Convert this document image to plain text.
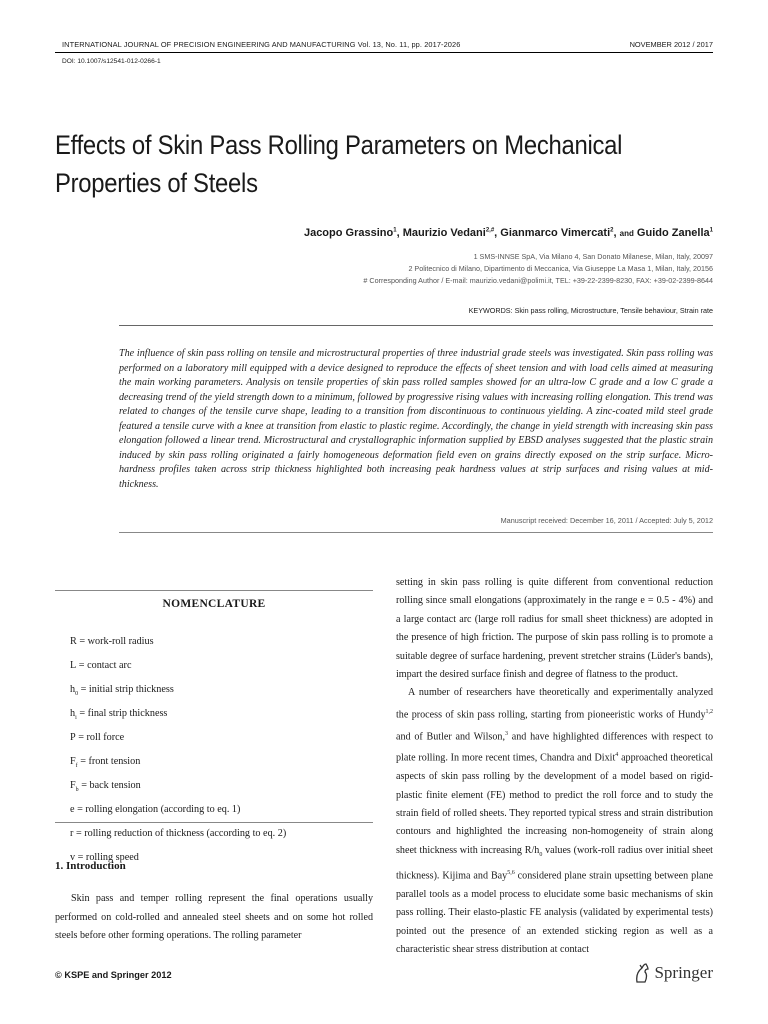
INTERNATIONAL JOURNAL OF PRECISION ENGINEERING AND MANUFACTURING Vol. 13, No. 11, pp. 2017-2026	NOVEMBER 2012 / 2017
DOI: 10.1007/s12541-012-0266-1
Effects of Skin Pass Rolling Parameters on Mechanical
Properties of Steels
Jacopo Grassino$^1$, Maurizio Vedani$^{2,\#}$, Gianmarco Vimercati$^2$, and Guido Zanella$^1$
1 SMS-INNSE SpA, Via Milano 4, San Donato Milanese, Milan, Italy, 20097
2 Politecnico di Milano, Dipartimento di Meccanica, Via Giuseppe La Masa 1, Milan, Italy, 20156
# Corresponding Author / E-mail: maurizio.vedani@polimi.it, TEL: +39-22-2399-8230, FAX: +39-02-2399-8644
KEYWORDS: Skin pass rolling, Microstructure, Tensile behaviour, Strain rate
The influence of skin pass rolling on tensile and microstructural properties of three industrial grade steels was investigated. Skin pass rolling was performed on a laboratory mill equipped with a device designed to reproduce the effects of sheet tension and with load cells aimed at measuring the main working parameters. Analysis on tensile properties of skin pass rolled samples showed for an ultra-low C grade and a low C grade a decreasing trend of the yield strength down to a minimum, followed by progressive rising values with increasing rolling elongation. This trend was related to changes of the tensile curve shape, leading to a transition from discontinuous to continuous yielding. A zinc-coated mild steel grade featured a tensile curve with a knee at transition from elastic to plastic regime. Accordingly, the change in yield strength with increasing skin pass elongation followed a linear trend. Microstructural and crystallographic information supplied by EBSD analyses suggested that the plastic strain induced by skin pass rolling originated a fairly homogeneous deformation field even on grains directly exposed on the strip surface. Micro-hardness profiles taken across strip thickness highlighted both increasing peak hardness values at strip surfaces and rising values at mid-thickness.
Manuscript received: December 16, 2011 / Accepted: July 5, 2012
NOMENCLATURE
R = work-roll radius
L = contact arc
$h_0$ = initial strip thickness
$h_i$ = final strip thickness
P = roll force
$F_f$ = front tension
$F_b$ = back tension
e = rolling elongation (according to eq. 1)
r = rolling reduction of thickness (according to eq. 2)
v = rolling speed
1. Introduction

Skin pass and temper rolling represent the final operations usually performed on cold-rolled and annealed steel sheets and on some hot rolled steels before other forming operations. The rolling parameter

setting in skin pass rolling is quite different from conventional reduction rolling since small elongations (approximately in the range e = 0.5 - 4%) and a large contact arc (large roll radius for small sheet thickness) are adopted in the presence of high friction. The purpose of skin pass rolling is to promote a suitable degree of surface hardening, prevent stretcher strains (Lüder's bands), impart the desired surface finish and degree of flatness to the product.

A number of researchers have theoretically and experimentally analyzed the process of skin pass rolling, starting from pioneeristic works of Hundy$^{1,2}$ and of Butler and Wilson,$^3$ and have highlighted differences with respect to plate rolling. In more recent times, Chandra and Dixit$^4$ approached theoretical aspects of skin pass rolling by the development of a model based on rigid-plastic finite element (FE) method to predict the roll force and to study the strain field of rolled sheets. They reported typical stress and strain distribution contours and highlighted the increasing non-homogeneity of strain along sheet thickness with increasing $R/h_0$ values (work-roll radius over initial sheet thickness). Kijima and Bay$^{5,6}$ considered plane strain upsetting between plane parallel tools as a model process to elucidate some basic mechanisms of skin pass rolling. Their elasto-plastic FE analysis (validated by experimental tests) pointed out the presence of an extended sticking region as well as a characteristic shear stress distribution at contact

© KSPE and Springer 2012	Springer
